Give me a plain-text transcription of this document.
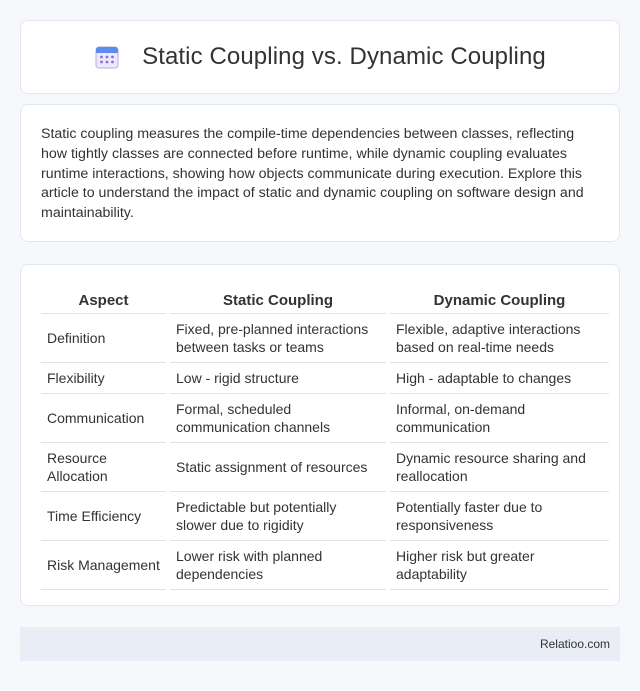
Static Coupling vs. Dynamic Coupling

Static coupling measures the compile-time dependencies between classes, reflecting how tightly classes are connected before runtime, while dynamic coupling evaluates runtime interactions, showing how objects communicate during execution. Explore this article to understand the impact of static and dynamic coupling on software design and maintainability.

Aspect	Static Coupling	Dynamic Coupling
Definition	Fixed, pre-planned interactions between tasks or teams	Flexible, adaptive interactions based on real-time needs
Flexibility	Low - rigid structure	High - adaptable to changes
Communication	Formal, scheduled communication channels	Informal, on-demand communication
Resource Allocation	Static assignment of resources	Dynamic resource sharing and reallocation
Time Efficiency	Predictable but potentially slower due to rigidity	Potentially faster due to responsiveness
Risk Management	Lower risk with planned dependencies	Higher risk but greater adaptability
Relatioo.com
